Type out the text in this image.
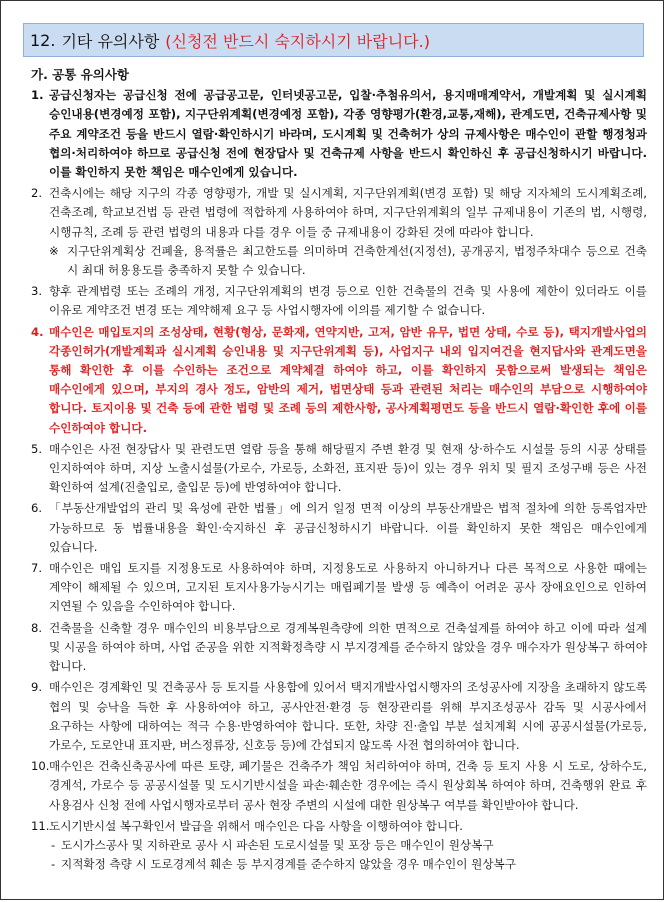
12. 기타 유의사항 (신청전 반드시 숙지하시기 바랍니다.)
가. 공통 유의사항
1. 공급신청자는 공급신청 전에 공급공고문, 인터넷공고문, 입찰·추첨유의서, 용지매매계약서, 개발계획 및 실시계획 승인내용(변경예정 포함), 지구단위계획(변경예정 포함), 각종 영향평가(환경,교통,재해), 관계도면, 건축규제사항 및 주요 계약조건 등을 반드시 열람·확인하시기 바라며, 도시계획 및 건축허가 상의 규제사항은 매수인이 관할 행정청과 협의·처리하여야 하므로 공급신청 전에 현장답사 및 건축규제 사항을 반드시 확인하신 후 공급신청하시기 바랍니다. 이를 확인하지 못한 책임은 매수인에게 있습니다.
2. 건축시에는 해당 지구의 각종 영향평가, 개발 및 실시계획, 지구단위계획(변경 포함) 및 해당 지자체의 도시계획조례, 건축조례, 학교보건법 등 관련 법령에 적합하게 사용하여야 하며, 지구단위계획의 일부 규제내용이 기존의 법, 시행령, 시행규칙, 조례 등 관련 법령의 내용과 다를 경우 이들 중 규제내용이 강화된 것에 따라야 합니다.
※ 지구단위계획상 건폐율, 용적률은 최고한도를 의미하며 건축한계선(지정선), 공개공지, 법정주차대수 등으로 건축 시 최대 허용용도를 충족하지 못할 수 있습니다.
3. 향후 관계법령 또는 조례의 개정, 지구단위계획의 변경 등으로 인한 건축물의 건축 및 사용에 제한이 있더라도 이를 이유로 계약조건 변경 또는 계약해제 요구 등 사업시행자에 이의를 제기할 수 없습니다.
4. 매수인은 매입토지의 조성상태, 현황(형상, 문화재, 연약지반, 고저, 암반 유무, 법면 상태, 수로 등), 택지개발사업의 각종인허가(개발계획과 실시계획 승인내용 및 지구단위계획 등), 사업지구 내외 입지여건을 현지답사와 관계도면을 통해 확인한 후 이를 수인하는 조건으로 계약체결 하여야 하고, 이를 확인하지 못함으로써 발생되는 책임은 매수인에게 있으며, 부지의 경사 정도, 암반의 제거, 법면상태 등과 관련된 처리는 매수인의 부담으로 시행하여야 합니다. 토지이용 및 건축 등에 관한 법령 및 조례 등의 제한사항, 공사계획평면도 등을 반드시 열람·확인한 후에 이를 수인하여야 합니다.
5. 매수인은 사전 현장답사 및 관련도면 열람 등을 통해 해당필지 주변 환경 및 현재 상·하수도 시설물 등의 시공 상태를 인지하여야 하며, 지상 노출시설물(가로수, 가로등, 소화전, 표지판 등)이 있는 경우 위치 및 필지 조성구배 등은 사전 확인하여 설계(진출입로, 출입문 등)에 반영하여야 합니다.
6. 「부동산개발업의 관리 및 육성에 관한 법률」에 의거 일정 면적 이상의 부동산개발은 법적 절차에 의한 등록업자만 가능하므로 동 법률내용을 확인·숙지하신 후 공급신청하시기 바랍니다. 이를 확인하지 못한 책임은 매수인에게 있습니다.
7. 매수인은 매입 토지를 지정용도로 사용하여야 하며, 지정용도로 사용하지 아니하거나 다른 목적으로 사용한 때에는 계약이 해제될 수 있으며, 고지된 토지사용가능시기는 매립폐기물 발생 등 예측이 어려운 공사 장애요인으로 인하여 지연될 수 있음을 수인하여야 합니다.
8. 건축물을 신축할 경우 매수인의 비용부담으로 경계복원측량에 의한 면적으로 건축설계를 하여야 하고 이에 따라 설계 및 시공을 하여야 하며, 사업 준공을 위한 지적확정측량 시 부지경계를 준수하지 않았을 경우 매수자가 원상복구 하여야 합니다.
9. 매수인은 경계확인 및 건축공사 등 토지를 사용함에 있어서 택지개발사업시행자의 조성공사에 지장을 초래하지 않도록 협의 및 승낙을 득한 후 사용하여야 하고, 공사안전·환경 등 현장관리를 위해 부지조성공사 감독 및 시공사에서 요구하는 사항에 대하여는 적극 수용·반영하여야 합니다. 또한, 차량 진·출입 부분 설치계획 시에 공공시설물(가로등, 가로수, 도로안내 표지판, 버스정류장, 신호등 등)에 간섭되지 않도록 사전 협의하여야 합니다.
10. 매수인은 건축신축공사에 따른 토량, 폐기물은 건축주가 책임 처리하여야 하며, 건축 등 토지 사용 시 도로, 상하수도, 경계석, 가로수 등 공공시설물 및 도시기반시설을 파손·훼손한 경우에는 즉시 원상회복 하여야 하며, 건축행위 완료 후 사용검사 신청 전에 사업시행자로부터 공사 현장 주변의 시설에 대한 원상복구 여부를 확인받아야 합니다.
11. 도시기반시설 복구확인서 발급을 위해서 매수인은 다음 사항을 이행하여야 합니다.
- 도시가스공사 및 지하관로 공사 시 파손된 도로시설물 및 포장 등은 매수인이 원상복구
- 지적확정 측량 시 도로경계석 훼손 등 부지경계를 준수하지 않았을 경우 매수인이 원상복구
